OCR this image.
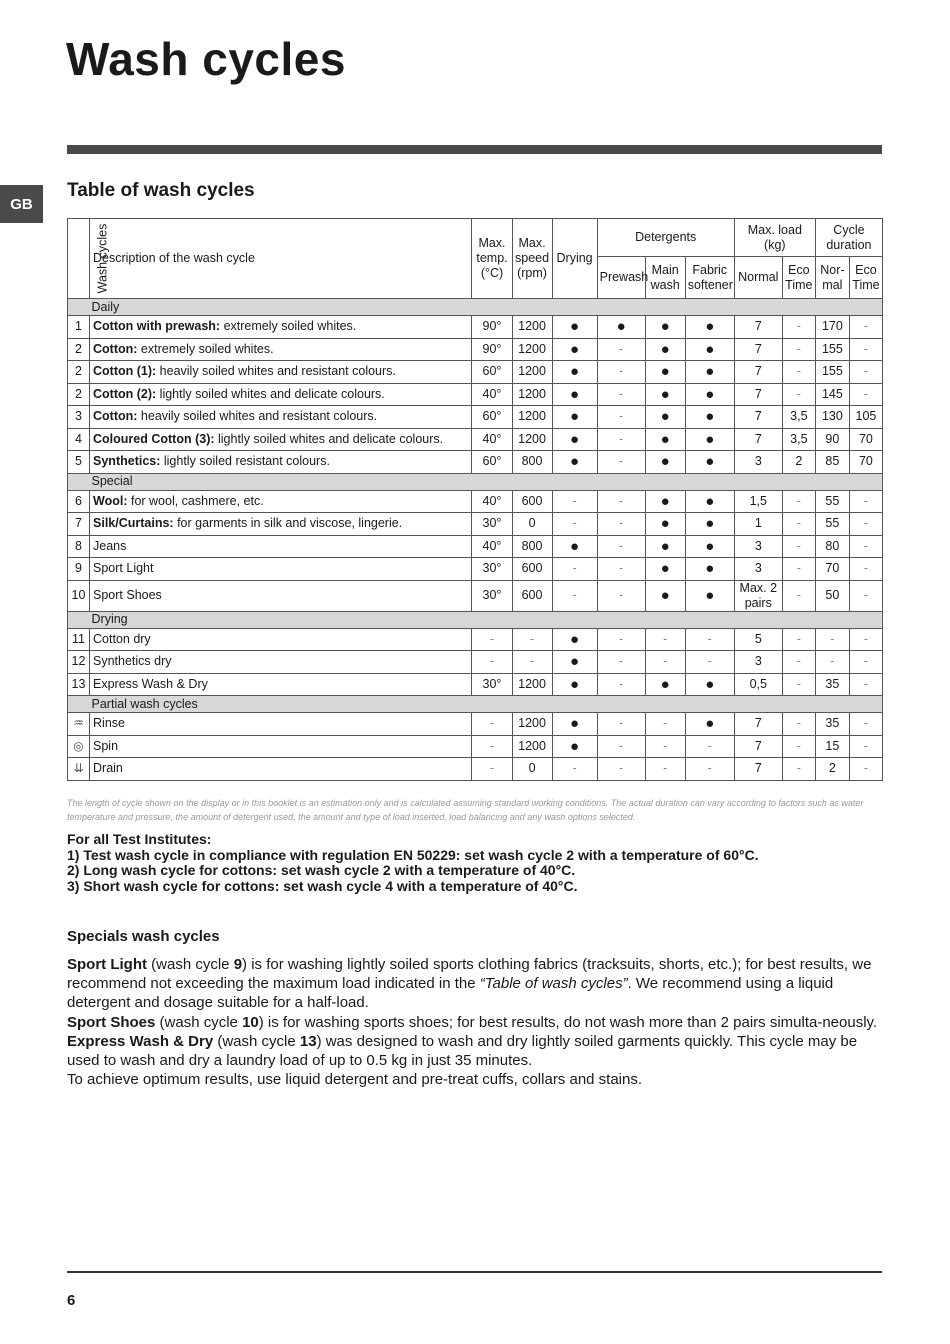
Wash cycles
GB
Table of wash cycles
Wash cycles	Description of the wash cycle	Max. temp. (°C)	Max. speed (rpm)	Drying	Detergents			Max. load (kg)		Cycle duration	
					Prewash	Main wash	Fabric softener	Normal	Eco Time	Nor-mal	Eco Time
	Daily										
1	Cotton with prewash: extremely soiled whites.	90°	1200	●	●	●	●	7	-	170	-
2	Cotton: extremely soiled whites.	90°	1200	●	-	●	●	7	-	155	-
2	Cotton (1): heavily soiled whites and resistant colours.	60°	1200	●	-	●	●	7	-	155	-
2	Cotton (2): lightly soiled whites and delicate colours.	40°	1200	●	-	●	●	7	-	145	-
3	Cotton: heavily soiled whites and resistant colours.	60°	1200	●	-	●	●	7	3,5	130	105
4	Coloured Cotton (3): lightly soiled whites and delicate colours.	40°	1200	●	-	●	●	7	3,5	90	70
5	Synthetics: lightly soiled resistant colours.	60°	800	●	-	●	●	3	2	85	70
	Special										
6	Wool: for wool, cashmere, etc.	40°	600	-	-	●	●	1,5	-	55	-
7	Silk/Curtains: for garments in silk and viscose, lingerie.	30°	0	-	-	●	●	1	-	55	-
8	Jeans	40°	800	●	-	●	●	3	-	80	-
9	Sport Light	30°	600	-	-	●	●	3	-	70	-
10	Sport Shoes	30°	600	-	-	●	●	Max. 2 pairs	-	50	-
	Drying										
11	Cotton dry	-	-	●	-	-	-	5	-	-	-
12	Synthetics dry	-	-	●	-	-	-	3	-	-	-
13	Express Wash & Dry	30°	1200	●	-	●	●	0,5	-	35	-
	Partial wash cycles										
♒	Rinse	-	1200	●	-	-	●	7	-	35	-
◎	Spin	-	1200	●	-	-	-	7	-	15	-
⇊	Drain	-	0	-	-	-	-	7	-	2	-
The length of cycle shown on the display or in this booklet is an estimation only and is calculated assuming standard working conditions. The actual duration can vary according to factors such as water temperature and pressure, the amount of detergent used, the amount and type of load inserted, load balancing and any wash options selected.
For all Test Institutes:
1) Test wash cycle in compliance with regulation EN 50229: set wash cycle 2 with a temperature of 60°C.
2) Long wash cycle for cottons: set wash cycle 2 with a temperature of 40°C.
3) Short wash cycle for cottons: set wash cycle 4 with a temperature of 40°C.
Specials wash cycles

Sport Light (wash cycle 9) is for washing lightly soiled sports clothing fabrics (tracksuits, shorts, etc.); for best results, we recommend not exceeding the maximum load indicated in the “Table of wash cycles”. We recommend using a liquid detergent and dosage suitable for a half-load.

Sport Shoes (wash cycle 10) is for washing sports shoes; for best results, do not wash more than 2 pairs simulta-neously.

Express Wash & Dry (wash cycle 13) was designed to wash and dry lightly soiled garments quickly. This cycle may be used to wash and dry a laundry load of up to 0.5 kg in just 35 minutes.

To achieve optimum results, use liquid detergent and pre-treat cuffs, collars and stains.

6
